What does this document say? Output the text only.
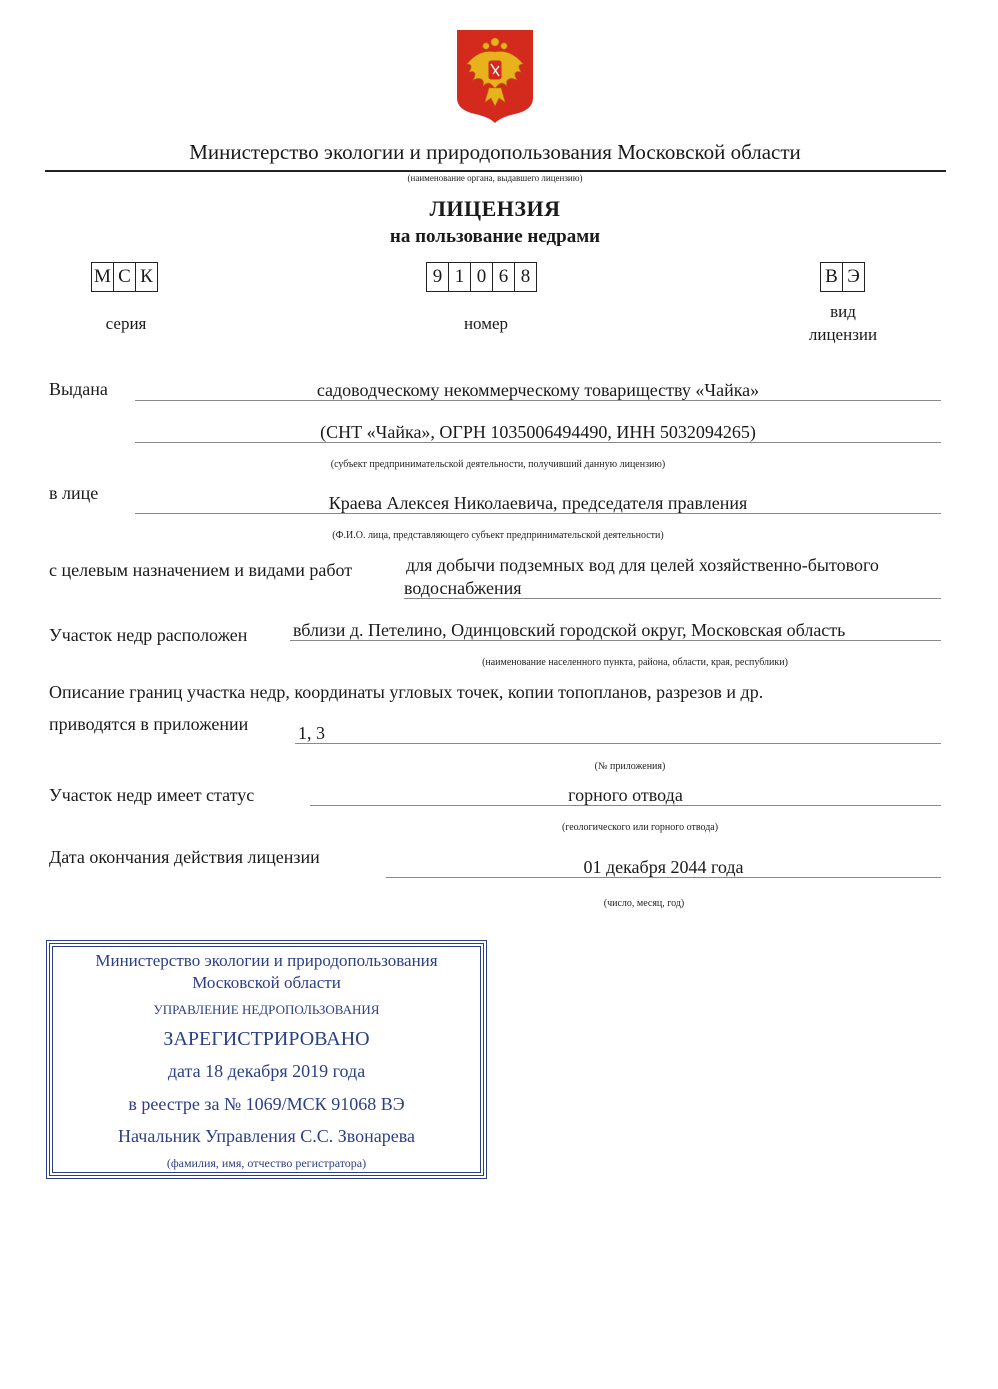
Министерство экологии и природопользования Московской области
(наименование органа, выдавшего лицензию)
ЛИЦЕНЗИЯ
на пользование недрами
М С К
серия
9 1 0 6 8
номер
В Э
вид
лицензии
Выдана	садоводческому некоммерческому товариществу «Чайка»
(СНТ «Чайка», ОГРН 1035006494490, ИНН 5032094265)
(субъект предпринимательской деятельности, получивший данную лицензию)
в лице	Краева Алексея Николаевича, председателя правления
(Ф.И.О. лица, представляющего субъект предпринимательской деятельности)
с целевым назначением и видами работ	для добычи подземных вод для целей хозяйственно-бытового
водоснабжения
Участок недр расположен	вблизи д. Петелино, Одинцовский городской округ, Московская область
(наименование населенного пункта, района, области, края, республики)
Описание границ участка недр, координаты угловых точек, копии топопланов, разрезов и др.
приводятся в приложении	1, 3
(№ приложения)
Участок недр имеет статус	горного отвода
(геологического или горного отвода)
Дата окончания действия лицензии	01 декабря 2044 года
(число, месяц, год)
Министерство экологии и природопользования
Московской области
УПРАВЛЕНИЕ НЕДРОПОЛЬЗОВАНИЯ
ЗАРЕГИСТРИРОВАНО
дата 18 декабря 2019 года
в реестре за № 1069/МСК 91068 ВЭ
Начальник Управления С.С. Звонарева
(фамилия, имя, отчество регистратора)
